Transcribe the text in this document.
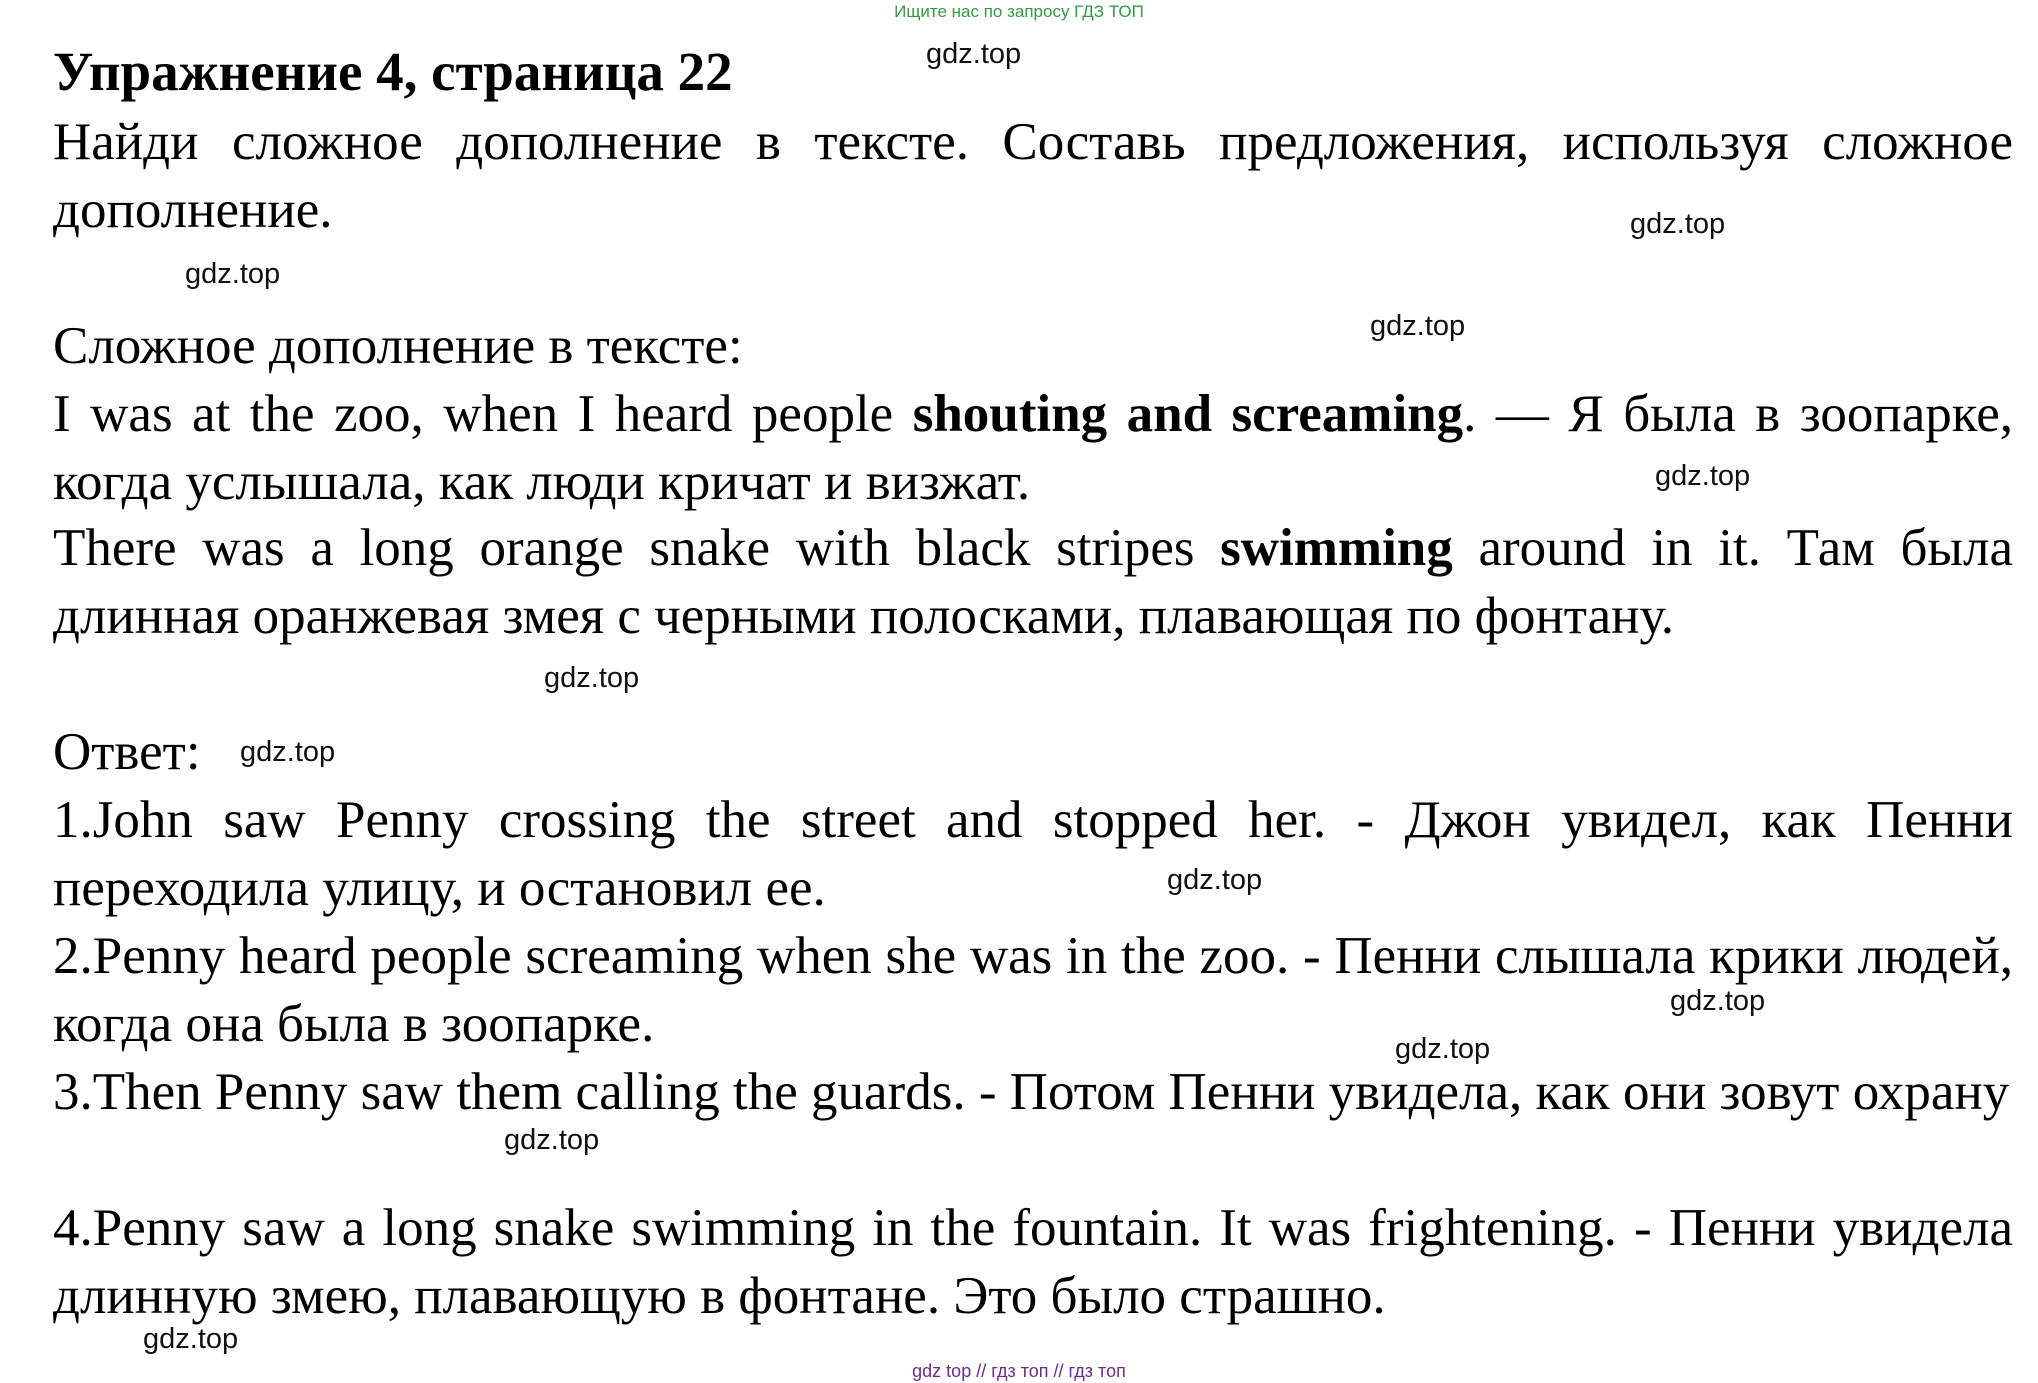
Ищите нас по запросу ГДЗ ТОП
Упражнение 4, страница 22
Найди сложное дополнение в тексте. Составь предложения, используя сложное дополнение.
Сложное дополнение в тексте:
I was at the zoo, when I heard people shouting and screaming. — Я была в зоопарке, когда услышала, как люди кричат и визжат.
There was a long orange snake with black stripes swimming around in it. Там была длинная оранжевая змея с черными полосками, плавающая по фонтану.
Ответ:
1.John saw Penny crossing the street and stopped her. - Джон увидел, как Пенни переходила улицу, и остановил ее.
2.Penny heard people screaming when she was in the zoo. - Пенни слышала крики людей, когда она была в зоопарке.
3.Then Penny saw them calling the guards. - Потом Пенни увидела, как они зовут охрану
4.Penny saw a long snake swimming in the fountain. It was frightening. - Пенни увидела длинную змею, плавающую в фонтане. Это было страшно.
gdz.top
gdz.top
gdz.top
gdz.top
gdz.top
gdz.top
gdz.top
gdz.top
gdz.top
gdz.top
gdz.top
gdz.top
gdz top // гдз топ // гдз топ
